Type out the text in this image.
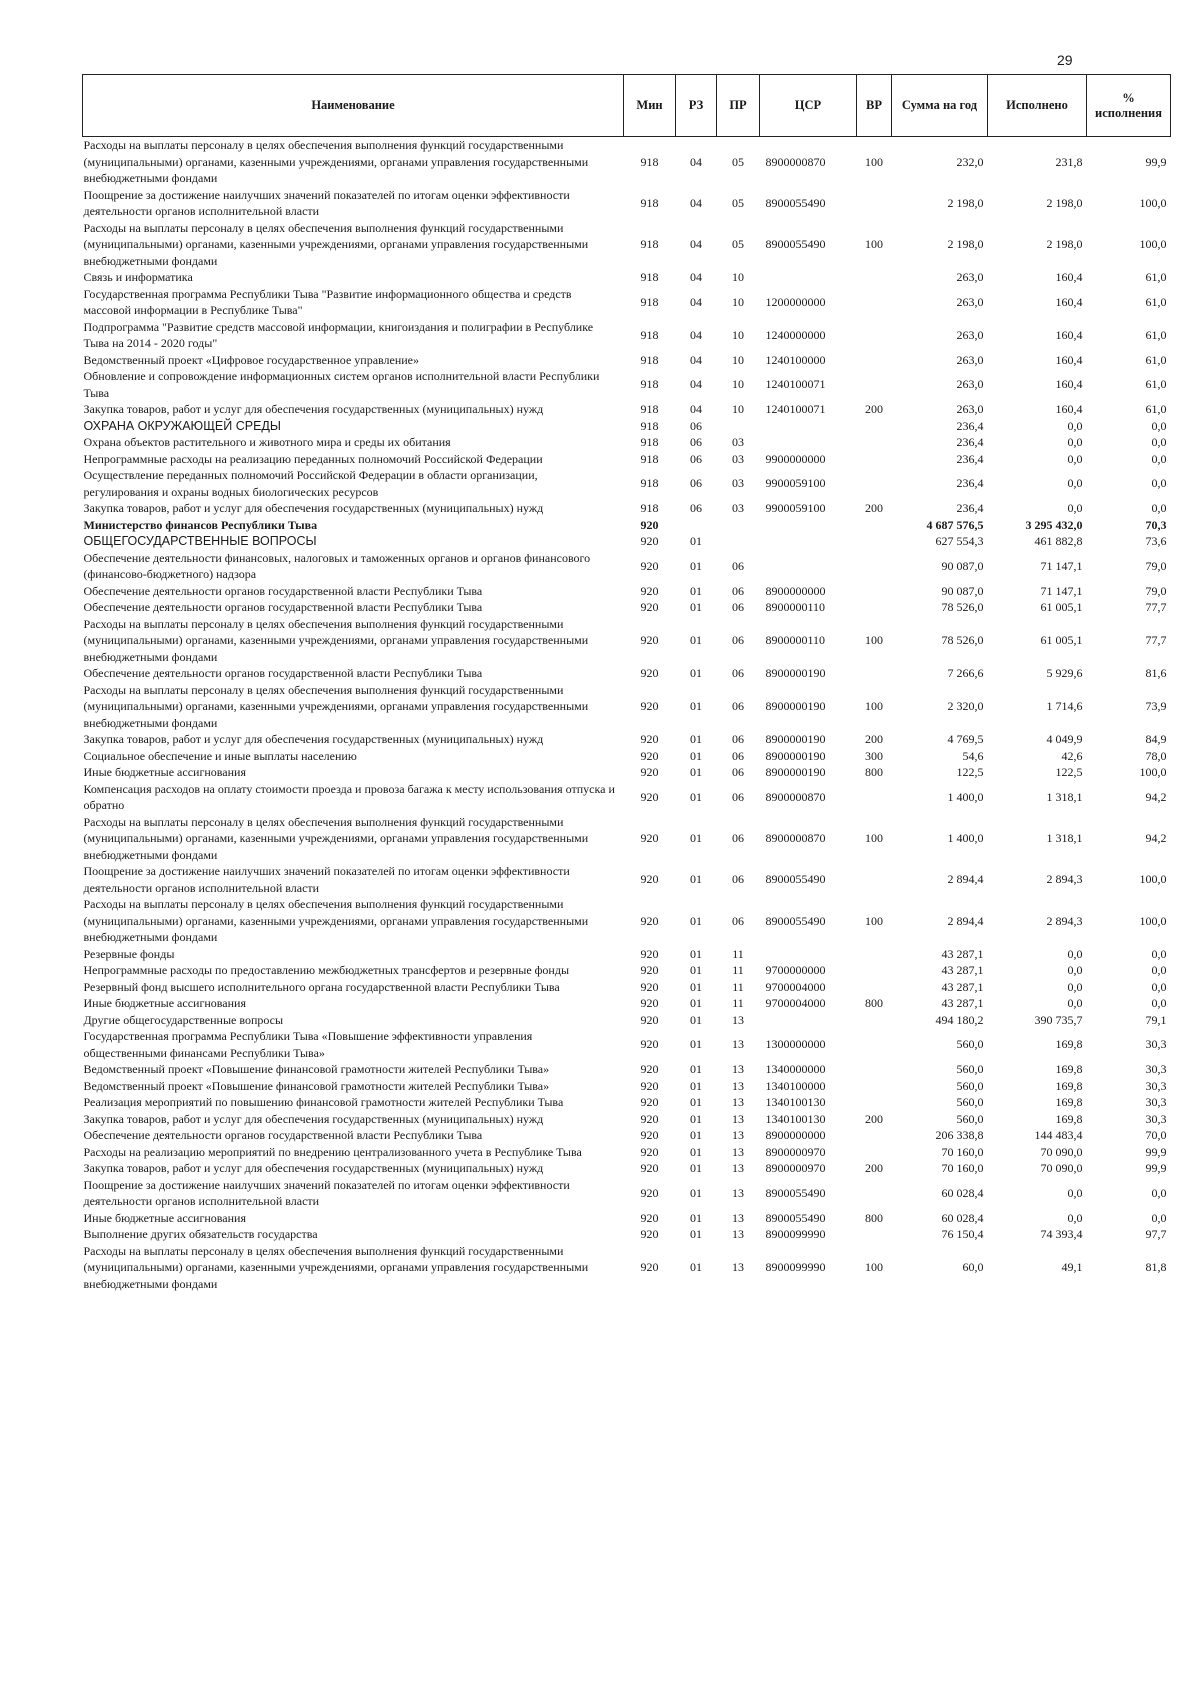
29
Наименование	Мин	РЗ	ПР	ЦСР	ВР	Сумма на год	Исполнено	% исполнения
Расходы на выплаты персоналу в целях обеспечения выполнения функций государственными (муниципальными) органами, казенными учреждениями, органами управления государственными внебюджетными фондами	918	04	05	8900000870	100	232,0	231,8	99,9
Поощрение за достижение наилучших значений показателей по итогам оценки эффективности деятельности органов исполнительной власти	918	04	05	8900055490		2 198,0	2 198,0	100,0
Расходы на выплаты персоналу в целях обеспечения выполнения функций государственными (муниципальными) органами, казенными учреждениями, органами управления государственными внебюджетными фондами	918	04	05	8900055490	100	2 198,0	2 198,0	100,0
Связь и информатика	918	04	10			263,0	160,4	61,0
Государственная программа Республики Тыва "Развитие информационного общества и средств массовой информации в Республике Тыва"	918	04	10	1200000000		263,0	160,4	61,0
Подпрограмма "Развитие средств массовой информации, книгоиздания и полиграфии в Республике Тыва на 2014 - 2020 годы"	918	04	10	1240000000		263,0	160,4	61,0
Ведомственный проект «Цифровое государственное управление»	918	04	10	1240100000		263,0	160,4	61,0
Обновление и сопровождение информационных систем органов исполнительной власти Республики Тыва	918	04	10	1240100071		263,0	160,4	61,0
Закупка товаров, работ и услуг для обеспечения государственных (муниципальных) нужд	918	04	10	1240100071	200	263,0	160,4	61,0
ОХРАНА ОКРУЖАЮЩЕЙ СРЕДЫ	918	06				236,4	0,0	0,0
Охрана объектов растительного и животного мира и среды их обитания	918	06	03			236,4	0,0	0,0
Непрограммные расходы на реализацию переданных полномочий Российской Федерации	918	06	03	9900000000		236,4	0,0	0,0
Осуществление переданных полномочий Российской Федерации в области организации, регулирования и охраны водных биологических ресурсов	918	06	03	9900059100		236,4	0,0	0,0
Закупка товаров, работ и услуг для обеспечения государственных (муниципальных) нужд	918	06	03	9900059100	200	236,4	0,0	0,0
Министерство финансов Республики Тыва	920					4 687 576,5	3 295 432,0	70,3
ОБЩЕГОСУДАРСТВЕННЫЕ ВОПРОСЫ	920	01				627 554,3	461 882,8	73,6
Обеспечение деятельности финансовых, налоговых и таможенных органов и органов финансового (финансово-бюджетного) надзора	920	01	06			90 087,0	71 147,1	79,0
Обеспечение деятельности органов государственной власти Республики Тыва	920	01	06	8900000000		90 087,0	71 147,1	79,0
Обеспечение деятельности органов государственной власти Республики Тыва	920	01	06	8900000110		78 526,0	61 005,1	77,7
Расходы на выплаты персоналу в целях обеспечения выполнения функций государственными (муниципальными) органами, казенными учреждениями, органами управления государственными внебюджетными фондами	920	01	06	8900000110	100	78 526,0	61 005,1	77,7
Обеспечение деятельности органов государственной власти Республики Тыва	920	01	06	8900000190		7 266,6	5 929,6	81,6
Расходы на выплаты персоналу в целях обеспечения выполнения функций государственными (муниципальными) органами, казенными учреждениями, органами управления государственными внебюджетными фондами	920	01	06	8900000190	100	2 320,0	1 714,6	73,9
Закупка товаров, работ и услуг для обеспечения государственных (муниципальных) нужд	920	01	06	8900000190	200	4 769,5	4 049,9	84,9
Социальное обеспечение и иные выплаты населению	920	01	06	8900000190	300	54,6	42,6	78,0
Иные бюджетные ассигнования	920	01	06	8900000190	800	122,5	122,5	100,0
Компенсация расходов на оплату стоимости проезда и провоза багажа к месту использования отпуска и обратно	920	01	06	8900000870		1 400,0	1 318,1	94,2
Расходы на выплаты персоналу в целях обеспечения выполнения функций государственными (муниципальными) органами, казенными учреждениями, органами управления государственными внебюджетными фондами	920	01	06	8900000870	100	1 400,0	1 318,1	94,2
Поощрение за достижение наилучших значений показателей по итогам оценки эффективности деятельности органов исполнительной власти	920	01	06	8900055490		2 894,4	2 894,3	100,0
Расходы на выплаты персоналу в целях обеспечения выполнения функций государственными (муниципальными) органами, казенными учреждениями, органами управления государственными внебюджетными фондами	920	01	06	8900055490	100	2 894,4	2 894,3	100,0
Резервные фонды	920	01	11			43 287,1	0,0	0,0
Непрограммные расходы по предоставлению межбюджетных трансфертов и резервные фонды	920	01	11	9700000000		43 287,1	0,0	0,0
Резервный фонд высшего исполнительного органа государственной власти Республики Тыва	920	01	11	9700004000		43 287,1	0,0	0,0
Иные бюджетные ассигнования	920	01	11	9700004000	800	43 287,1	0,0	0,0
Другие общегосударственные вопросы	920	01	13			494 180,2	390 735,7	79,1
Государственная программа Республики Тыва «Повышение эффективности управления общественными финансами Республики Тыва»	920	01	13	1300000000		560,0	169,8	30,3
Ведомственный проект «Повышение финансовой грамотности жителей Республики Тыва»	920	01	13	1340000000		560,0	169,8	30,3
Ведомственный проект «Повышение финансовой грамотности жителей Республики Тыва»	920	01	13	1340100000		560,0	169,8	30,3
Реализация мероприятий по повышению финансовой грамотности жителей Республики Тыва	920	01	13	1340100130		560,0	169,8	30,3
Закупка товаров, работ и услуг для обеспечения государственных (муниципальных) нужд	920	01	13	1340100130	200	560,0	169,8	30,3
Обеспечение деятельности органов государственной власти Республики Тыва	920	01	13	8900000000		206 338,8	144 483,4	70,0
Расходы на реализацию мероприятий по внедрению централизованного учета в Республике Тыва	920	01	13	8900000970		70 160,0	70 090,0	99,9
Закупка товаров, работ и услуг для обеспечения государственных (муниципальных) нужд	920	01	13	8900000970	200	70 160,0	70 090,0	99,9
Поощрение за достижение наилучших значений показателей по итогам оценки эффективности деятельности органов исполнительной власти	920	01	13	8900055490		60 028,4	0,0	0,0
Иные бюджетные ассигнования	920	01	13	8900055490	800	60 028,4	0,0	0,0
Выполнение других обязательств государства	920	01	13	8900099990		76 150,4	74 393,4	97,7
Расходы на выплаты персоналу в целях обеспечения выполнения функций государственными (муниципальными) органами, казенными учреждениями, органами управления государственными внебюджетными фондами	920	01	13	8900099990	100	60,0	49,1	81,8
